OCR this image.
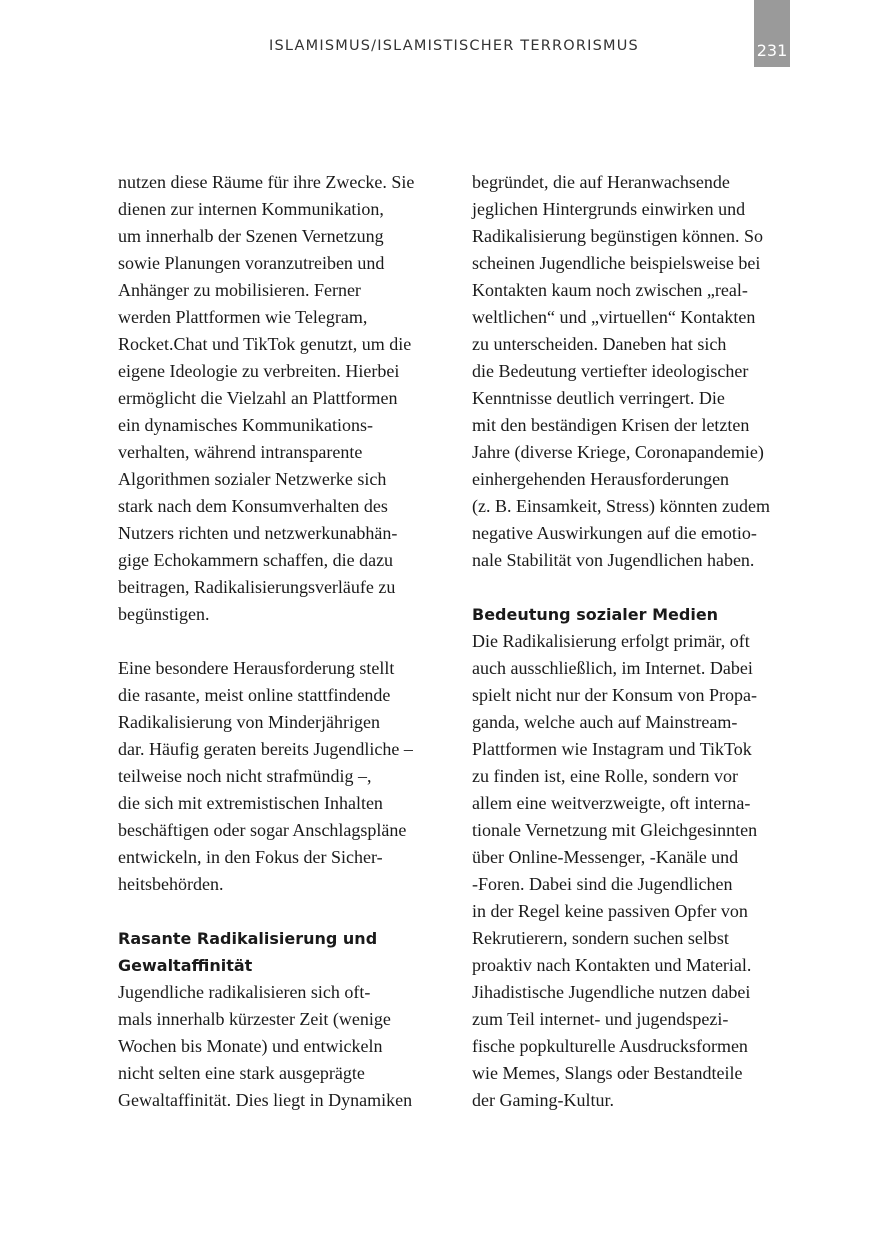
ISLAMISMUS/ISLAMISTISCHER TERRORISMUS	231
nutzen diese Räume für ihre Zwecke. Sie
dienen zur internen Kommunikation,
um innerhalb der Szenen Vernetzung
sowie Planungen voranzutreiben und
Anhänger zu mobilisieren. Ferner
werden Plattformen wie Telegram,
Rocket.Chat und TikTok genutzt, um die
eigene Ideologie zu verbreiten. Hierbei
ermöglicht die Vielzahl an Plattformen
ein dynamisches Kommunikations-
verhalten, während intransparente
Algorithmen sozialer Netzwerke sich
stark nach dem Konsumverhalten des
Nutzers richten und netzwerkunabhän-
gige Echokammern schaffen, die dazu
beitragen, Radikalisierungsverläufe zu
begünstigen.
Eine besondere Herausforderung stellt
die rasante, meist online stattfindende
Radikalisierung von Minderjährigen
dar. Häufig geraten bereits Jugendliche –
teilweise noch nicht strafmündig –,
die sich mit extremistischen Inhalten
beschäftigen oder sogar Anschlagspläne
entwickeln, in den Fokus der Sicher-
heitsbehörden.
Rasante Radikalisierung und
Gewaltaffinität
Jugendliche radikalisieren sich oft-
mals innerhalb kürzester Zeit (wenige
Wochen bis Monate) und entwickeln
nicht selten eine stark ausgeprägte
Gewaltaffinität. Dies liegt in Dynamiken
begründet, die auf Heranwachsende
jeglichen Hintergrunds einwirken und
Radikalisierung begünstigen können. So
scheinen Jugendliche beispielsweise bei
Kontakten kaum noch zwischen „real-
weltlichen“ und „virtuellen“ Kontakten
zu unterscheiden. Daneben hat sich
die Bedeutung vertiefter ideologischer
Kenntnisse deutlich verringert. Die
mit den beständigen Krisen der letzten
Jahre (diverse Kriege, Coronapandemie)
einhergehenden Herausforderungen
(z. B. Einsamkeit, Stress) könnten zudem
negative Auswirkungen auf die emotio-
nale Stabilität von Jugendlichen haben.
Bedeutung sozialer Medien
Die Radikalisierung erfolgt primär, oft
auch ausschließlich, im Internet. Dabei
spielt nicht nur der Konsum von Propa-
ganda, welche auch auf Mainstream-
Plattformen wie Instagram und TikTok
zu finden ist, eine Rolle, sondern vor
allem eine weitverzweigte, oft interna-
tionale Vernetzung mit Gleichgesinnten
über Online-Messenger, -Kanäle und
-Foren. Dabei sind die Jugendlichen
in der Regel keine passiven Opfer von
Rekrutierern, sondern suchen selbst
proaktiv nach Kontakten und Material.
Jihadistische Jugendliche nutzen dabei
zum Teil internet- und jugendspezi-
fische popkulturelle Ausdrucksformen
wie Memes, Slangs oder Bestandteile
der Gaming-Kultur.
